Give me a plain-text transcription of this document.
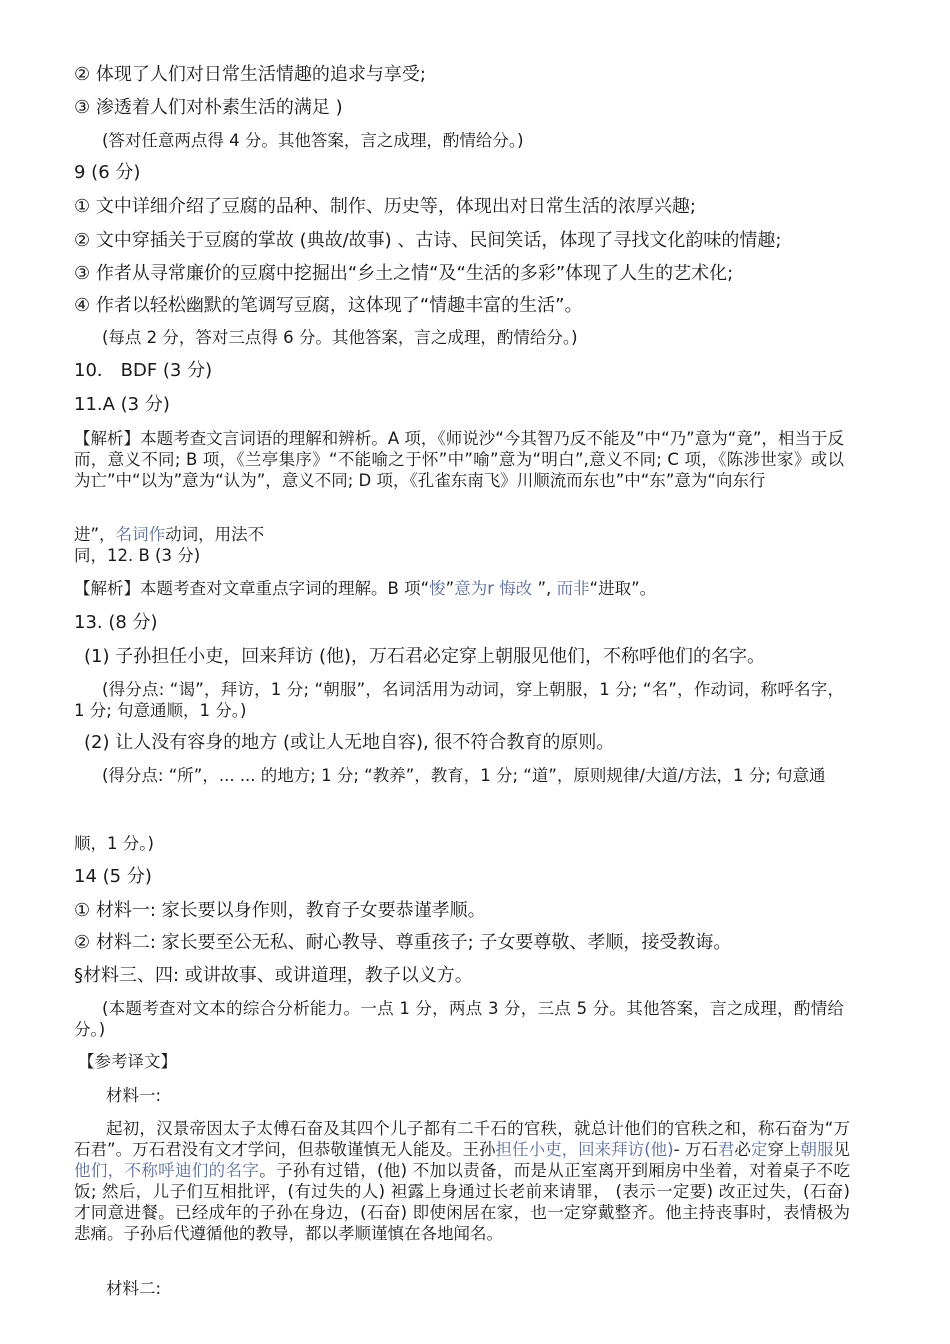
② 体现了人们对日常生活情趣的追求与享受;
③ 渗透着人们对朴素生活的满足 )
(答对任意两点得 4 分。其他答案，言之成理，酌情给分。)
9 (6 分)
① 文中详细介绍了豆腐的品种、制作、历史等，体现出对日常生活的浓厚兴趣;
② 文中穿插关于豆腐的掌故 (典故/故事) 、古诗、民间笑话，体现了寻找文化韵味的情趣;
③ 作者从寻常廉价的豆腐中挖掘出“乡土之情“及“生活的多彩”体现了人生的艺术化;
④ 作者以轻松幽默的笔调写豆腐，这体现了“情趣丰富的生活”。
(每点 2 分，答对三点得 6 分。其他答案，言之成理，酌情给分。)
10． BDF (3 分)
11.A (3 分)
【解析】本题考查文言词语的理解和辨析。A 项，《师说沙“今其智乃反不能及”中“乃”意为“竟”，相当于反而，意义不同; B 项，《兰亭集序》“不能喻之于怀”中”喻”意为“明白”,意义不同; C 项，《陈涉世家》或以为亡”中“以为”意为“认为”，意义不同; D 项，《孔雀东南飞》川顺流而东也”中“东”意为“向东行
进”，名词作动词，用法不
同，12. B (3 分)
【解析】本题考查对文章重点字词的理解。B 项“悛”意为r 悔改 ”, 而非“进取”。
13. (8 分)
(1) 子孙担任小吏，回来拜访 (他)，万石君必定穿上朝服见他们，不称呼他们的名字。
(得分点: “谒”，拜访，1 分; “朝服”，名词活用为动词，穿上朝服，1 分; “名”，作动词，称呼名字， 1 分; 句意通顺，1 分。)
(2) 让人没有容身的地方 (或让人无地自容), 很不符合教育的原则。
(得分点: “所”，... ... 的地方; 1 分; “教养”，教育，1 分; “道”，原则规律/大道/方法，1 分; 句意通
顺，1 分。)
14 (5 分)
① 材料一: 家长要以身作则，教育子女要恭谨孝顺。
② 材料二: 家长要至公无私、耐心教导、尊重孩子; 子女要尊敬、孝顺，接受教诲。
§材料三、四: 或讲故事、或讲道理，教子以义方。
(本题考查对文本的综合分析能力。一点 1 分，两点 3 分，三点 5 分。其他答案，言之成理，酌情给分。)
【参考译文】
材料一:
起初，汉景帝因太子太傅石奋及其四个儿子都有二千石的官秩，就总计他们的官秩之和，称石奋为“万石君”。万石君没有文才学问，但恭敬谨慎无人能及。王孙担任小吏，回来拜访(他)- 万石君必定穿上朝服见他们，不称呼迪们的名字。子孙有过错，(他) 不加以责备，而是从正室离开到厢房中坐着，对着桌子不吃饭; 然后，儿子们互相批评，(有过失的人) 袒露上身通过长老前来请罪， (表示一定要) 改正过失，(石奋) 才同意进餐。已经成年的子孙在身边，(石奋) 即使闲居在家，也一定穿戴整齐。他主持丧事时，表情极为悲痛。子孙后代遵循他的教导，都以孝顺谨慎在各地闻名。
材料二:
